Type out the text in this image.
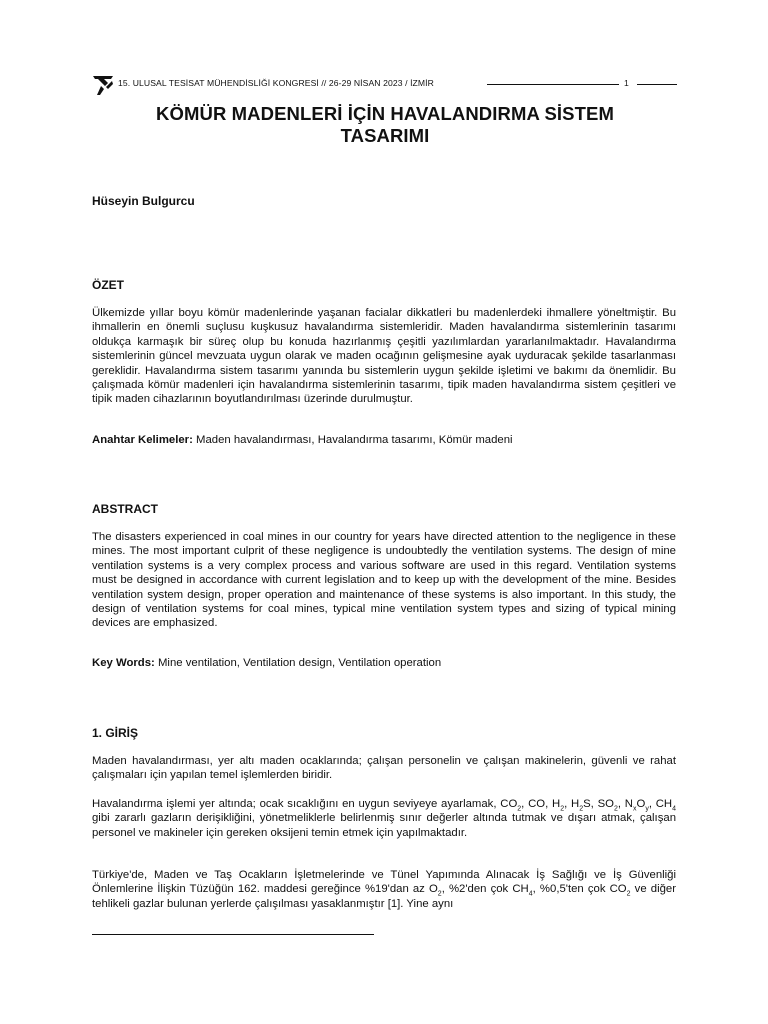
15. ULUSAL TESİSAT MÜHENDİSLİĞİ KONGRESİ // 26-29 NİSAN 2023 / İZMİR	1
KÖMÜR MADENLERİ İÇİN HAVALANDIRMA SİSTEM
TASARIMI
Hüseyin Bulgurcu
ÖZET

Ülkemizde yıllar boyu kömür madenlerinde yaşanan facialar dikkatleri bu madenlerdeki ihmallere yöneltmiştir. Bu ihmallerin en önemli suçlusu kuşkusuz havalandırma sistemleridir. Maden havalandırma sistemlerinin tasarımı oldukça karmaşık bir süreç olup bu konuda hazırlanmış çeşitli yazılımlardan yararlanılmaktadır. Havalandırma sistemlerinin güncel mevzuata uygun olarak ve maden ocağının gelişmesine ayak uyduracak şekilde tasarlanması gereklidir. Havalandırma sistem tasarımı yanında bu sistemlerin uygun şekilde işletimi ve bakımı da önemlidir. Bu çalışmada kömür madenleri için havalandırma sistemlerinin tasarımı, tipik maden havalandırma sistem çeşitleri ve tipik maden cihazlarının boyutlandırılması üzerinde durulmuştur.

Anahtar Kelimeler: Maden havalandırması, Havalandırma tasarımı, Kömür madeni

ABSTRACT

The disasters experienced in coal mines in our country for years have directed attention to the negligence in these mines. The most important culprit of these negligence is undoubtedly the ventilation systems. The design of mine ventilation systems is a very complex process and various software are used in this regard. Ventilation systems must be designed in accordance with current legislation and to keep up with the development of the mine. Besides ventilation system design, proper operation and maintenance of these systems is also important. In this study, the design of ventilation systems for coal mines, typical mine ventilation system types and sizing of typical mining devices are emphasized.

Key Words: Mine ventilation, Ventilation design, Ventilation operation

1. GİRİŞ

Maden havalandırması, yer altı maden ocaklarında; çalışan personelin ve çalışan makinelerin, güvenli ve rahat çalışmaları için yapılan temel işlemlerden biridir.

Havalandırma işlemi yer altında; ocak sıcaklığını en uygun seviyeye ayarlamak, $CO_2$, CO, $H_2$, $H_2S$, $SO_2$, $N_xO_y$, $CH_4$ gibi zararlı gazların derişikliğini, yönetmeliklerle belirlenmiş sınır değerler altında tutmak ve dışarı atmak, çalışan personel ve makineler için gereken oksijeni temin etmek için yapılmaktadır.

Türkiye'de, Maden ve Taş Ocakların İşletmelerinde ve Tünel Yapımında Alınacak İş Sağlığı ve İş Güvenliği Önlemlerine İlişkin Tüzüğün 162. maddesi gereğince %19'dan az $O_2$, %2'den çok $CH_4$, %0,5'ten çok $CO_2$ ve diğer tehlikeli gazlar bulunan yerlerde çalışılması yasaklanmıştır [1]. Yine aynı
